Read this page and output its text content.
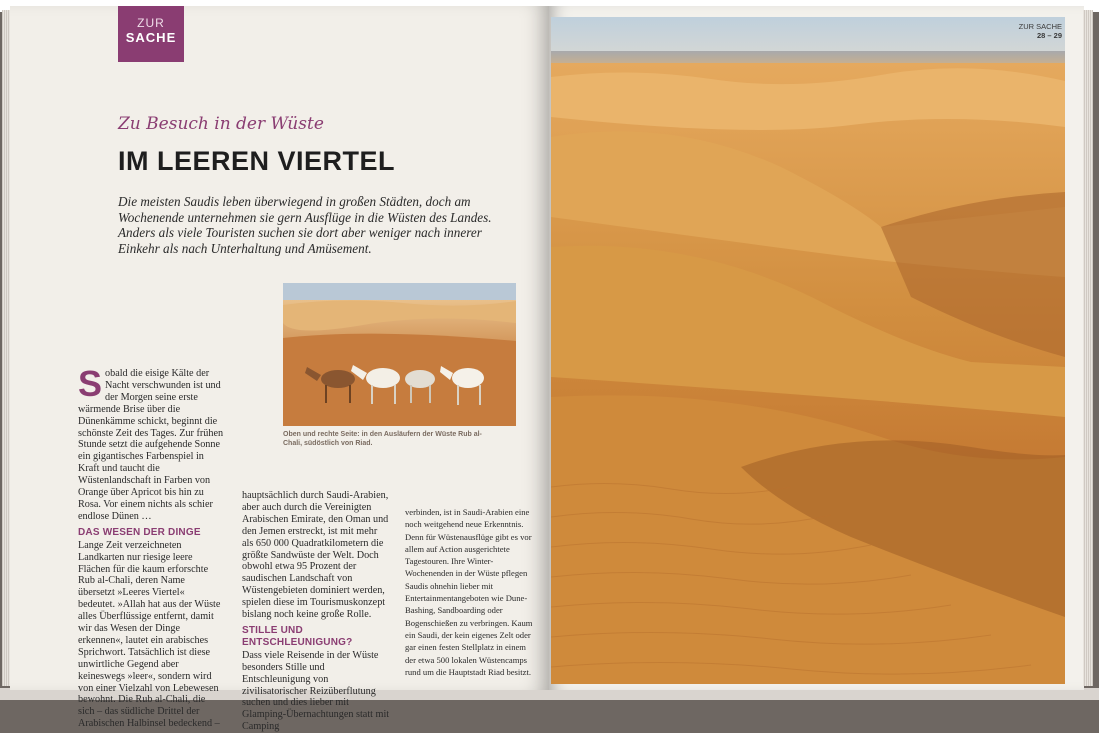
ZUR
SACHE
Zu Besuch in der Wüste
IM LEEREN VIERTEL
Die meisten Saudis leben überwiegend in großen Städten, doch am Wochenende unternehmen sie gern Ausflüge in die Wüsten des Landes. Anders als viele Touristen suchen sie dort aber weniger nach innerer Einkehr als nach Unterhaltung und Amüsement.
Oben und rechte Seite: in den Ausläufern der Wüste Rub al-Chali, südöstlich von Riad.
S obald die eisige Kälte der Nacht verschwunden ist und der Morgen seine erste wärmende Brise über die Dünenkämme schickt, beginnt die schönste Zeit des Tages. Zur frühen Stunde setzt die aufgehende Sonne ein gigantisches Farbenspiel in Kraft und taucht die Wüstenlandschaft in Farben von Orange über Apricot bis hin zu Rosa. Vor einem nichts als schier endlose Dünen …
DAS WESEN DER DINGE
Lange Zeit verzeichneten Landkarten nur riesige leere Flächen für die kaum erforschte Rub al-Chali, deren Name übersetzt »Leeres Viertel« bedeutet. »Allah hat aus der Wüste alles Überflüssige entfernt, damit wir das Wesen der Dinge erkennen«, lautet ein arabisches Sprichwort. Tatsächlich ist diese unwirtliche Gegend aber keineswegs »leer«, sondern wird von einer Vielzahl von Lebewesen bewohnt. Die Rub al-Chali, die sich – das südliche Drittel der Arabischen Halbinsel bedeckend –
hauptsächlich durch Saudi-Arabien, aber auch durch die Vereinigten Arabischen Emirate, den Oman und den Jemen erstreckt, ist mit mehr als 650 000 Quadratkilometern die größte Sandwüste der Welt. Doch obwohl etwa 95 Prozent der saudischen Landschaft von Wüstengebieten dominiert werden, spielen diese im Tourismuskonzept bislang noch keine große Rolle.
STILLE UND ENTSCHLEUNIGUNG?
Dass viele Reisende in der Wüste besonders Stille und Entschleunigung von zivilisatorischer Reizüberflutung suchen und dies lieber mit Glamping-Übernachtungen statt mit Camping
verbinden, ist in Saudi-Arabien eine noch weitgehend neue Erkenntnis. Denn für Wüstenausflüge gibt es vor allem auf Action ausgerichtete Tagestouren. Ihre Winter-Wochenenden in der Wüste pflegen Saudis ohnehin lieber mit Entertainmentangeboten wie Dune-Bashing, Sandboarding oder Bogenschießen zu verbringen. Kaum ein Saudi, der kein eigenes Zelt oder gar einen festen Stellplatz in einem der etwa 500 lokalen Wüstencamps rund um die Hauptstadt Riad besitzt.
ZUR SACHE
28 – 29
